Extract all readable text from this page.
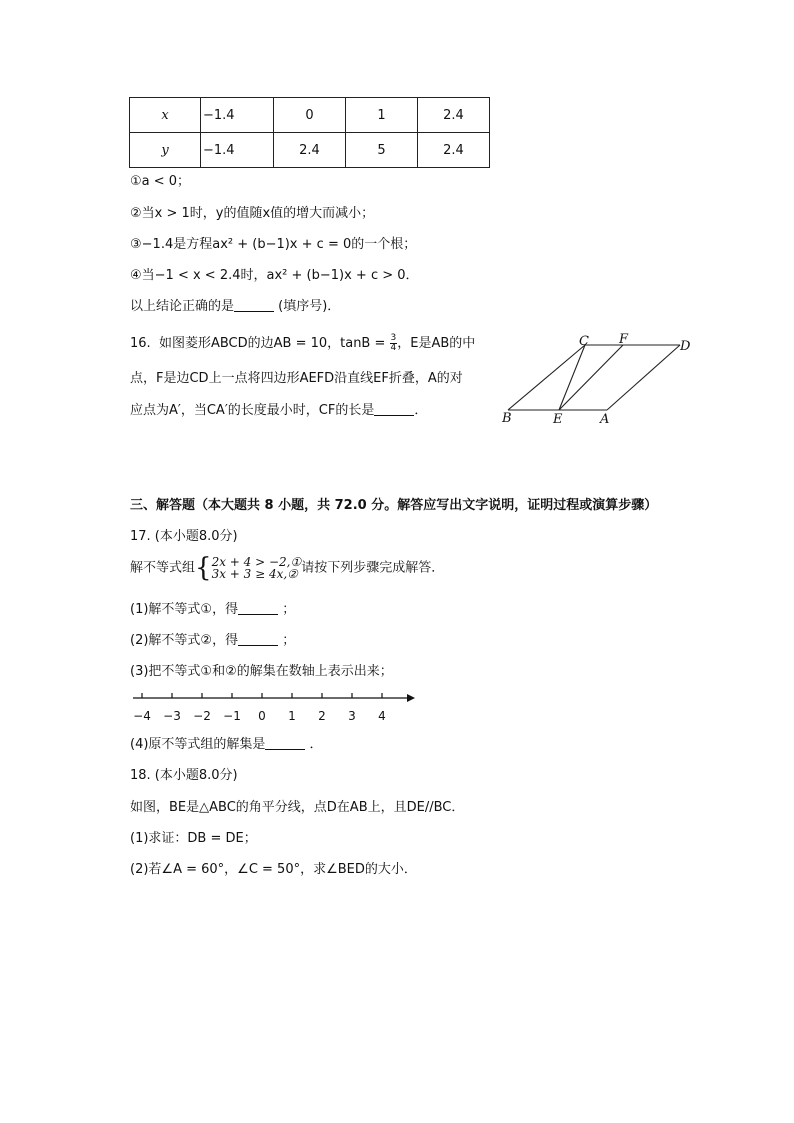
x	−1.4	0	1	2.4
y	−1.4	2.4	5	2.4
①a < 0；
②当x > 1时，y的值随x值的增大而减小；
③−1.4是方程ax² + (b−1)x + c = 0的一个根；
④当−1 < x < 2.4时，ax² + (b−1)x + c > 0．
以上结论正确的是	(填序号)．
16. 如图菱形ABCD的边AB = 10，$\tan B = \frac{3}{4}$ ，E是AB的中
点，F是边CD上一点将四边形AEFD沿直线EF折叠，A的对
应点为A′，当CA′的长度最小时，CF的长是	．
C F	D
B	E	A
三、解答题（本大题共 8 小题，共 72.0 分。解答应写出文字说明，证明过程或演算步骤）
17. (本小题8.0分)
解不等式组{ 2x + 4 > −2,①
3x + 3 ≥ 4x,② 请按下列步骤完成解答．
(1)解不等式①，得	；
(2)解不等式②，得	；
(3)把不等式①和②的解集在数轴上表示出来；
−4 −3 −2 −1 0 1 2 3 4
(4)原不等式组的解集是	．
18. (本小题8.0分)
如图，BE是△ABC的角平分线，点D在AB上，且DE//BC．
(1)求证：DB = DE；
(2)若∠A = 60°，∠C = 50°，求∠BED的大小．
